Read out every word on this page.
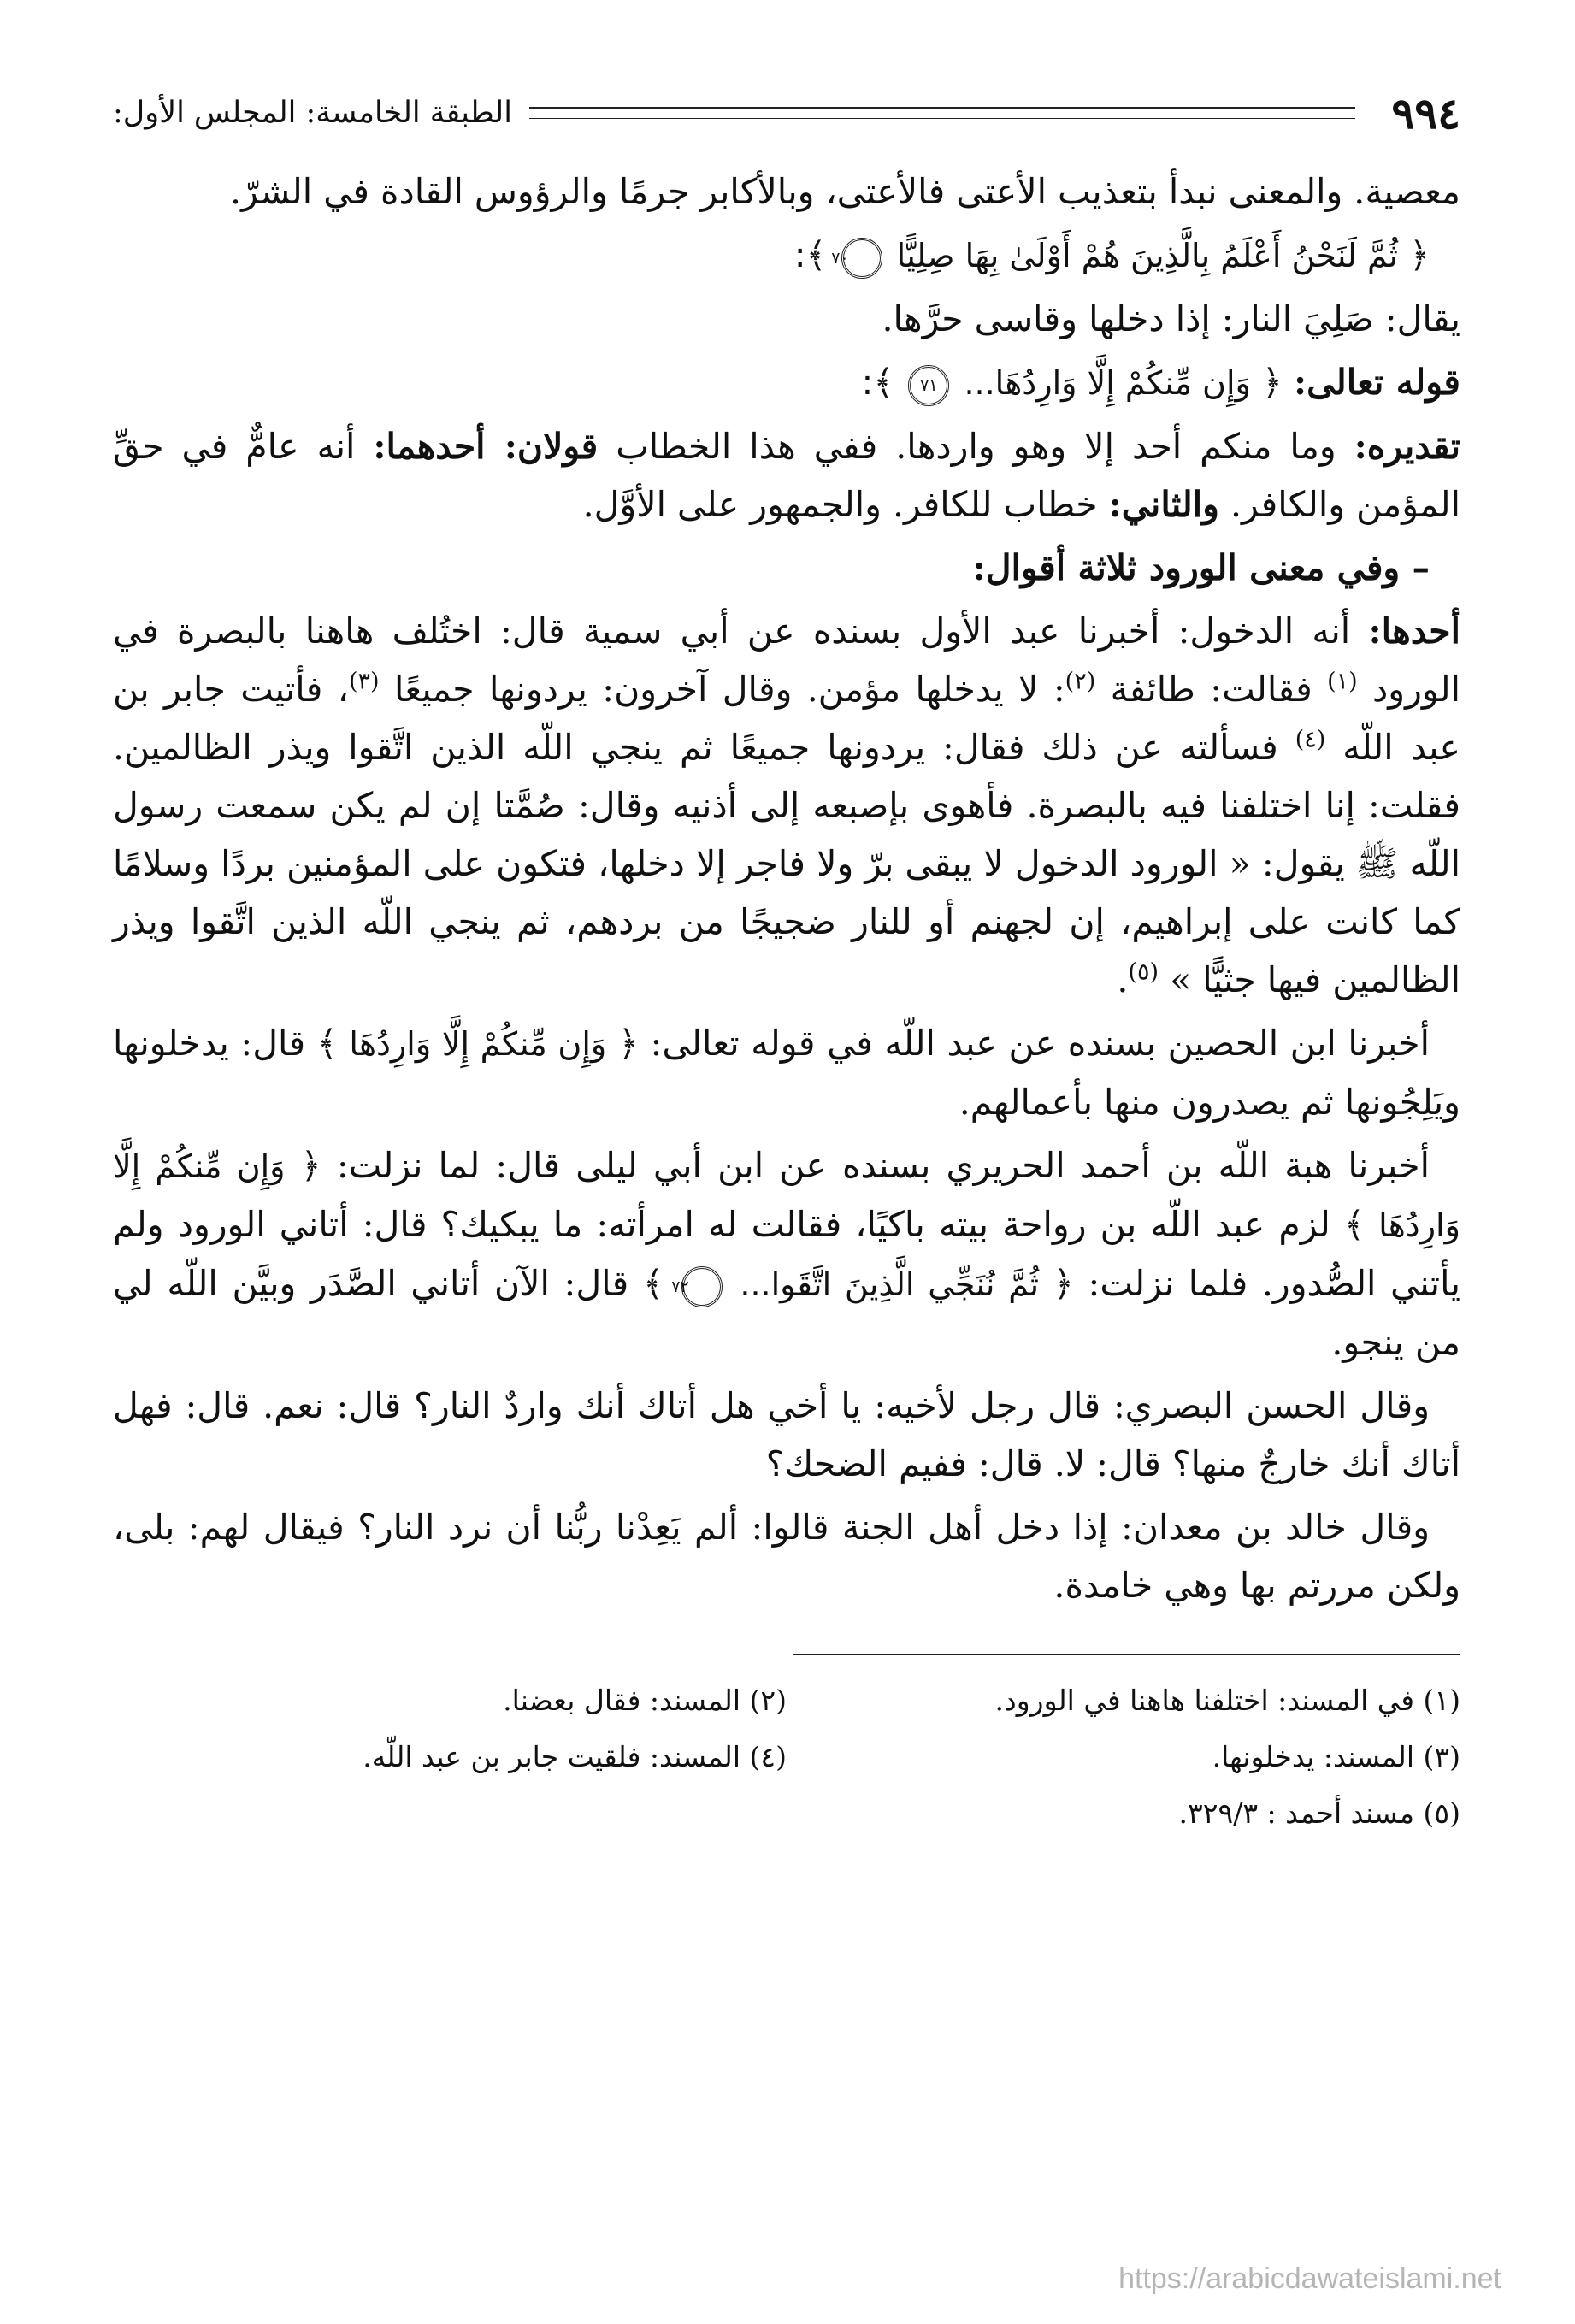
٩٩٤
الطبقة الخامسة: المجلس الأول:

معصية. والمعنى نبدأ بتعذيب الأعتى فالأعتى، وبالأكابر جرمًا والرؤوس القادة في الشرّ.

﴿ ثُمَّ لَنَحْنُ أَعْلَمُ بِالَّذِينَ هُمْ أَوْلَىٰ بِهَا صِلِيًّا ٧٠ ﴾:

يقال: صَلِيَ النار: إذا دخلها وقاسى حرَّها.

قوله تعالى: ﴿ وَإِن مِّنكُمْ إِلَّا وَارِدُهَا... ٧١ ﴾:

تقديره: وما منكم أحد إلا وهو واردها. ففي هذا الخطاب قولان: أحدهما: أنه عامٌّ في حقِّ المؤمن والكافر. والثاني: خطاب للكافر. والجمهور على الأوَّل.

– وفي معنى الورود ثلاثة أقوال:

أحدها: أنه الدخول: أخبرنا عبد الأول بسنده عن أبي سمية قال: اختُلف هاهنا بالبصرة في الورود $^{(١)}$ فقالت: طائفة $^{(٢)}$: لا يدخلها مؤمن. وقال آخرون: يردونها جميعًا $^{(٣)}$، فأتيت جابر بن عبد اللّه $^{(٤)}$ فسألته عن ذلك فقال: يردونها جميعًا ثم ينجي اللّه الذين اتَّقوا ويذر الظالمين. فقلت: إنا اختلفنا فيه بالبصرة. فأهوى بإصبعه إلى أذنيه وقال: صُمَّتا إن لم يكن سمعت رسول اللّه ﷺ يقول: « الورود الدخول لا يبقى برّ ولا فاجر إلا دخلها، فتكون على المؤمنين بردًا وسلامًا كما كانت على إبراهيم، إن لجهنم أو للنار ضجيجًا من بردهم، ثم ينجي اللّه الذين اتَّقوا ويذر الظالمين فيها جثيًّا » $^{(٥)}$.

أخبرنا ابن الحصين بسنده عن عبد اللّه في قوله تعالى: ﴿ وَإِن مِّنكُمْ إِلَّا وَارِدُهَا ﴾ قال: يدخلونها ويَلِجُونها ثم يصدرون منها بأعمالهم.

أخبرنا هبة اللّه بن أحمد الحريري بسنده عن ابن أبي ليلى قال: لما نزلت: ﴿ وَإِن مِّنكُمْ إِلَّا وَارِدُهَا ﴾ لزم عبد اللّه بن رواحة بيته باكيًا، فقالت له امرأته: ما يبكيك؟ قال: أتاني الورود ولم يأتني الصُّدور. فلما نزلت: ﴿ ثُمَّ نُنَجِّي الَّذِينَ اتَّقَوا... ٧٢ ﴾ قال: الآن أتاني الصَّدَر وبيَّن اللّه لي من ينجو.

وقال الحسن البصري: قال رجل لأخيه: يا أخي هل أتاك أنك واردٌ النار؟ قال: نعم. قال: فهل أتاك أنك خارجٌ منها؟ قال: لا. قال: ففيم الضحك؟

وقال خالد بن معدان: إذا دخل أهل الجنة قالوا: ألم يَعِدْنا ربُّنا أن نرد النار؟ فيقال لهم: بلى، ولكن مررتم بها وهي خامدة.

(١) في المسند: اختلفنا هاهنا في الورود.
(٢) المسند: فقال بعضنا.
(٣) المسند: يدخلونها.
(٤) المسند: فلقيت جابر بن عبد اللّه.
(٥) مسند أحمد : ٣٢٩/٣.
https://arabicdawateislami.net
